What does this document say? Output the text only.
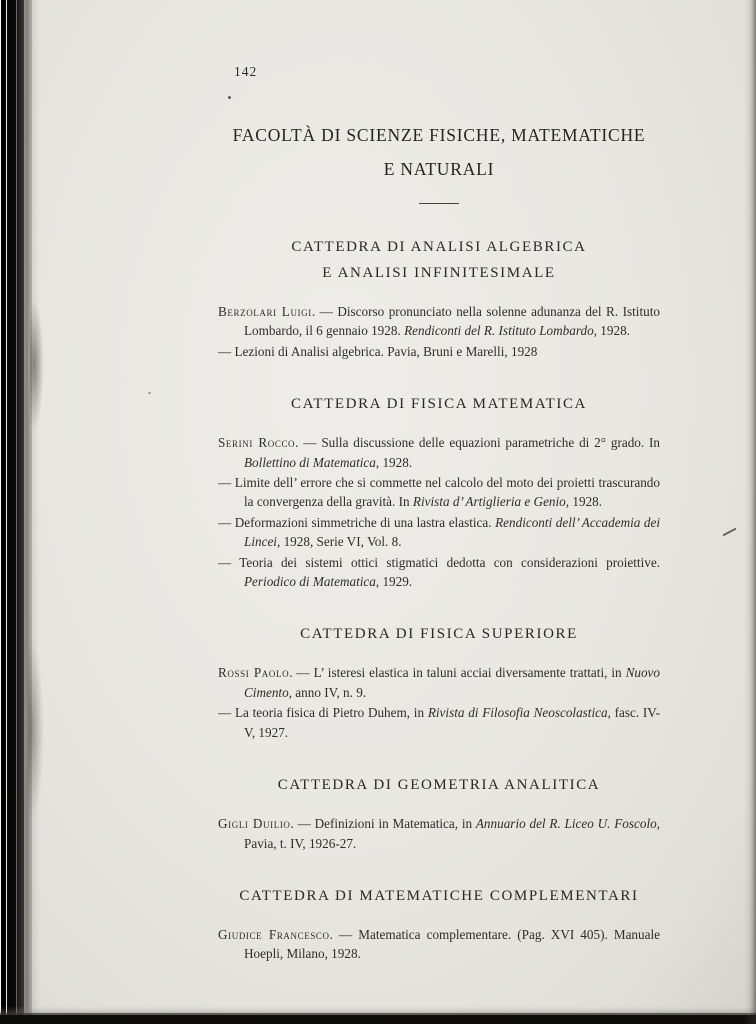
142
FACOLTÀ DI SCIENZE FISICHE, MATEMATICHE
E NATURALI
CATTEDRA DI ANALISI ALGEBRICA
E ANALISI INFINITESIMALE

Berzolari Luigi. — Discorso pronunciato nella solenne adunanza del R. Istituto Lombardo, il 6 gennaio 1928. Rendiconti del R. Istituto Lombardo, 1928.

— Lezioni di Analisi algebrica. Pavia, Bruni e Marelli, 1928

CATTEDRA DI FISICA MATEMATICA

Serini Rocco. — Sulla discussione delle equazioni parametriche di 2° grado. In Bollettino di Matematica, 1928.

— Limite dell’ errore che si commette nel calcolo del moto dei proietti trascurando la convergenza della gravità. In Rivista d’ Artiglieria e Genio, 1928.

— Deformazioni simmetriche di una lastra elastica. Rendiconti dell’ Accademia dei Lincei, 1928, Serie VI, Vol. 8.

— Teoria dei sistemi ottici stigmatici dedotta con considerazioni proiettive. Periodico di Matematica, 1929.

CATTEDRA DI FISICA SUPERIORE

Rossi Paolo. — L’ isteresi elastica in taluni acciai diversamente trattati, in Nuovo Cimento, anno IV, n. 9.

— La teoria fisica di Pietro Duhem, in Rivista di Filosofia Neoscolastica, fasc. IV-V, 1927.

CATTEDRA DI GEOMETRIA ANALITICA

Gigli Duilio. — Definizioni in Matematica, in Annuario del R. Liceo U. Foscolo, Pavia, t. IV, 1926-27.

CATTEDRA DI MATEMATICHE COMPLEMENTARI

Giudice Francesco. — Matematica complementare. (Pag. XVI 405). Manuale Hoepli, Milano, 1928.
